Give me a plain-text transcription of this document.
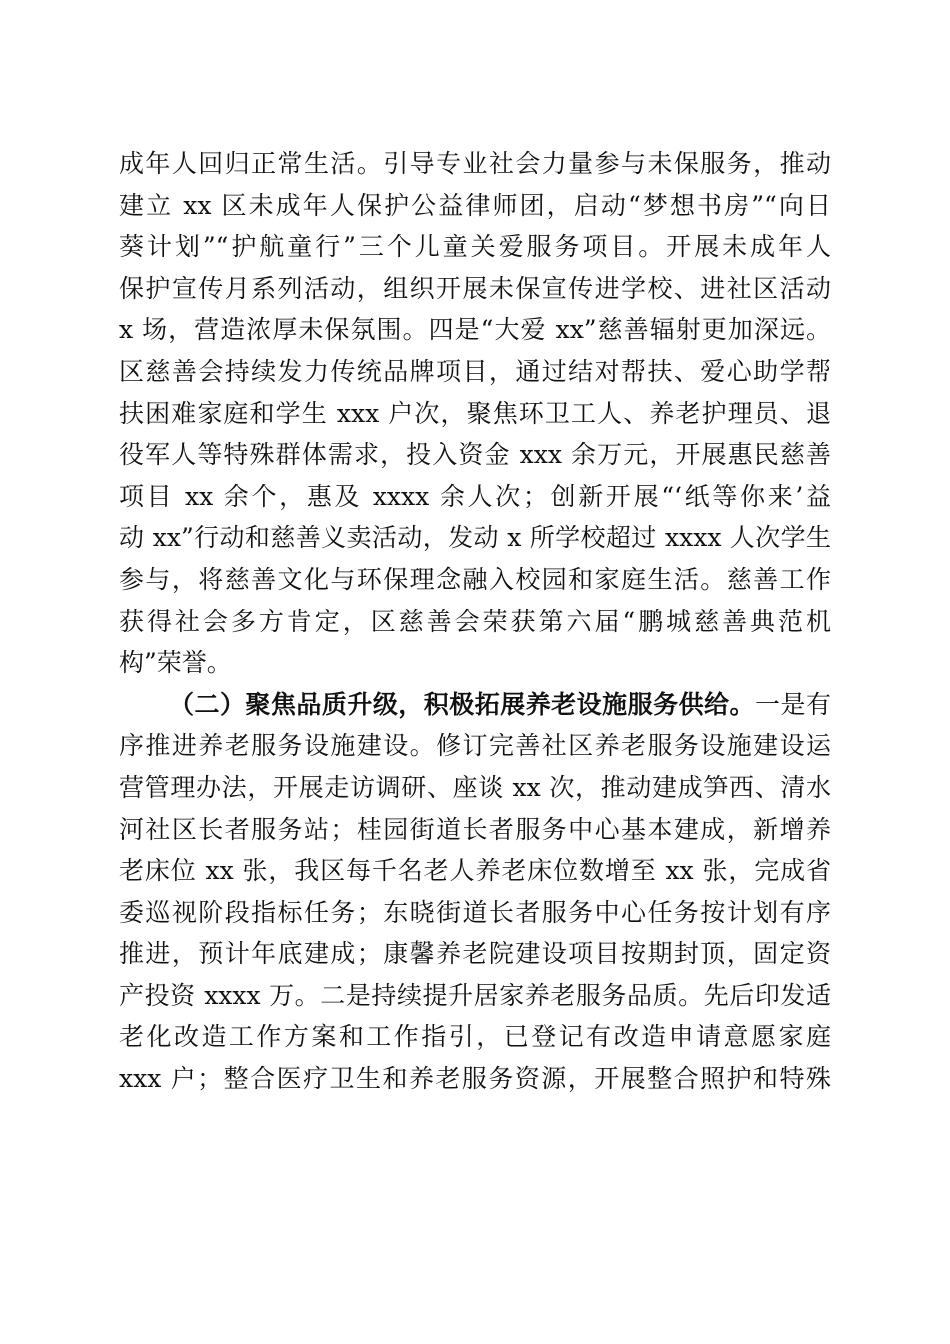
成年人回归正常生活。引导专业社会力量参与未保服务，推动
建立 xx 区未成年人保护公益律师团，启动“梦想书房”“向日
葵计划”“护航童行”三个儿童关爱服务项目。开展未成年人
保护宣传月系列活动，组织开展未保宣传进学校、进社区活动
x 场，营造浓厚未保氛围。四是“大爱 xx”慈善辐射更加深远。
区慈善会持续发力传统品牌项目，通过结对帮扶、爱心助学帮
扶困难家庭和学生 xxx 户次，聚焦环卫工人、养老护理员、退
役军人等特殊群体需求，投入资金 xxx 余万元，开展惠民慈善
项目 xx 余个，惠及 xxxx 余人次；创新开展“‘纸等你来’益
动 xx”行动和慈善义卖活动，发动 x 所学校超过 xxxx 人次学生
参与，将慈善文化与环保理念融入校园和家庭生活。慈善工作
获得社会多方肯定，区慈善会荣获第六届“鹏城慈善典范机
构”荣誉。
（二）聚焦品质升级，积极拓展养老设施服务供给。一是有
序推进养老服务设施建设。修订完善社区养老服务设施建设运
营管理办法，开展走访调研、座谈 xx 次，推动建成笋西、清水
河社区长者服务站；桂园街道长者服务中心基本建成，新增养
老床位 xx 张，我区每千名老人养老床位数增至 xx 张，完成省
委巡视阶段指标任务；东晓街道长者服务中心任务按计划有序
推进，预计年底建成；康馨养老院建设项目按期封顶，固定资
产投资 xxxx 万。二是持续提升居家养老服务品质。先后印发适
老化改造工作方案和工作指引，已登记有改造申请意愿家庭
xxx 户；整合医疗卫生和养老服务资源，开展整合照护和特殊
